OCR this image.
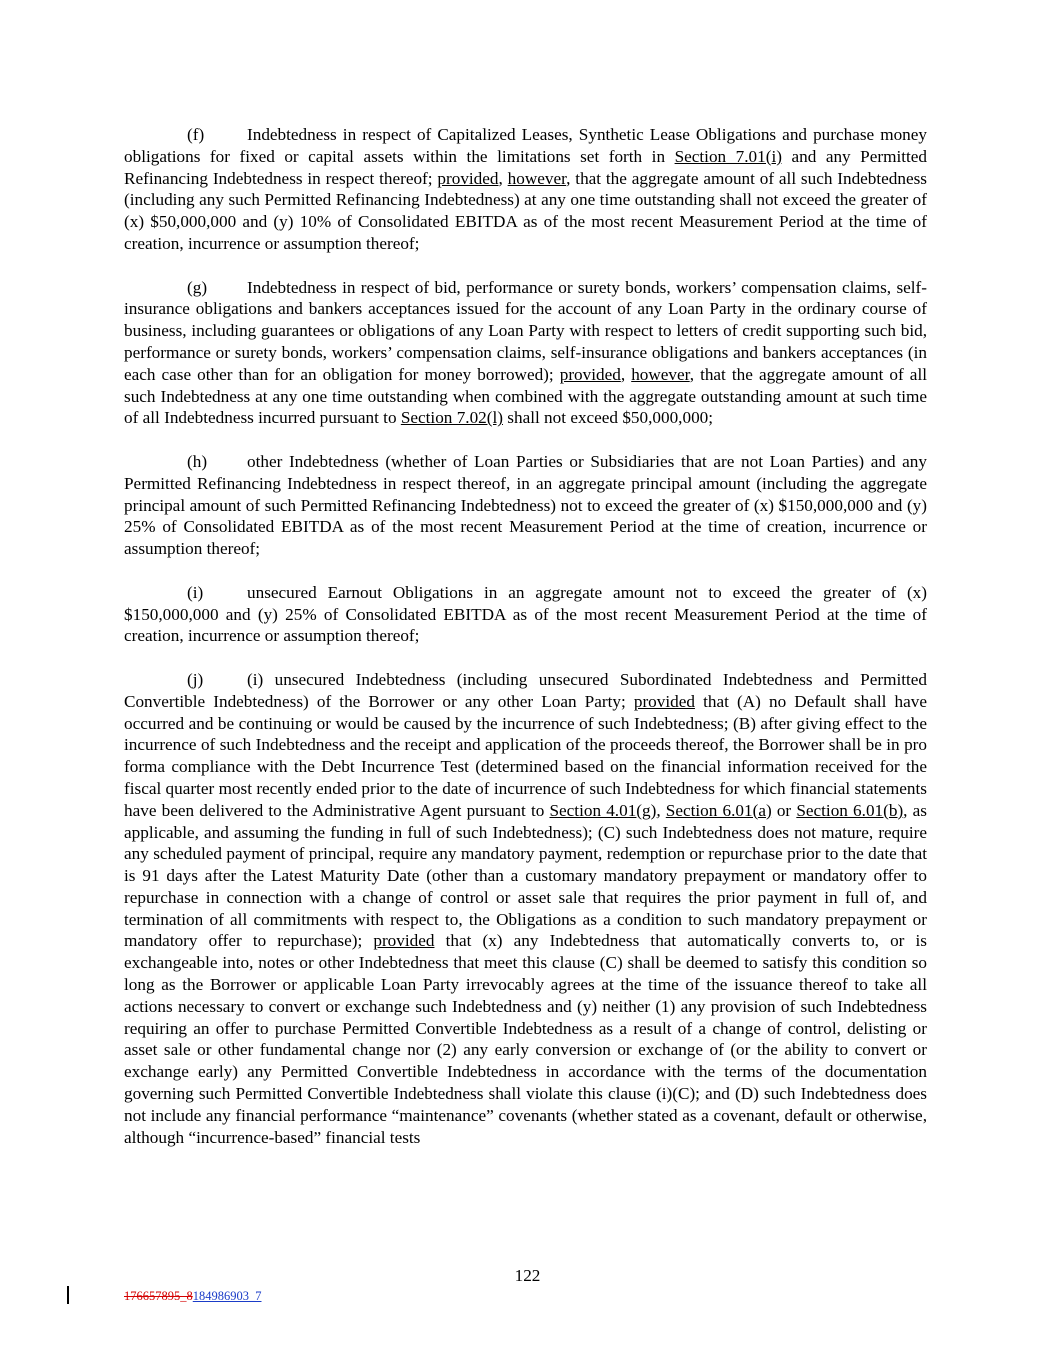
(f) Indebtedness in respect of Capitalized Leases, Synthetic Lease Obligations and purchase money obligations for fixed or capital assets within the limitations set forth in Section 7.01(i) and any Permitted Refinancing Indebtedness in respect thereof; provided, however, that the aggregate amount of all such Indebtedness (including any such Permitted Refinancing Indebtedness) at any one time outstanding shall not exceed the greater of (x) $50,000,000 and (y) 10% of Consolidated EBITDA as of the most recent Measurement Period at the time of creation, incurrence or assumption thereof;

(g) Indebtedness in respect of bid, performance or surety bonds, workers’ compensation claims, self-insurance obligations and bankers acceptances issued for the account of any Loan Party in the ordinary course of business, including guarantees or obligations of any Loan Party with respect to letters of credit supporting such bid, performance or surety bonds, workers’ compensation claims, self-insurance obligations and bankers acceptances (in each case other than for an obligation for money borrowed); provided, however, that the aggregate amount of all such Indebtedness at any one time outstanding when combined with the aggregate outstanding amount at such time of all Indebtedness incurred pursuant to Section 7.02(l) shall not exceed $50,000,000;

(h) other Indebtedness (whether of Loan Parties or Subsidiaries that are not Loan Parties) and any Permitted Refinancing Indebtedness in respect thereof, in an aggregate principal amount (including the aggregate principal amount of such Permitted Refinancing Indebtedness) not to exceed the greater of (x) $150,000,000 and (y) 25% of Consolidated EBITDA as of the most recent Measurement Period at the time of creation, incurrence or assumption thereof;

(i)	unsecured Earnout Obligations in an aggregate amount not to exceed the greater of (x) $150,000,000 and (y) 25% of Consolidated EBITDA as of the most recent Measurement Period at the time of creation, incurrence or assumption thereof;

(j)	(i) unsecured Indebtedness (including unsecured Subordinated Indebtedness and Permitted Convertible Indebtedness) of the Borrower or any other Loan Party; provided that (A) no Default shall have occurred and be continuing or would be caused by the incurrence of such Indebtedness; (B) after giving effect to the incurrence of such Indebtedness and the receipt and application of the proceeds thereof, the Borrower shall be in pro forma compliance with the Debt Incurrence Test (determined based on the financial information received for the fiscal quarter most recently ended prior to the date of incurrence of such Indebtedness for which financial statements have been delivered to the Administrative Agent pursuant to Section 4.01(g), Section 6.01(a) or Section 6.01(b), as applicable, and assuming the funding in full of such Indebtedness); (C) such Indebtedness does not mature, require any scheduled payment of principal, require any mandatory payment, redemption or repurchase prior to the date that is 91 days after the Latest Maturity Date (other than a customary mandatory prepayment or mandatory offer to repurchase in connection with a change of control or asset sale that requires the prior payment in full of, and termination of all commitments with respect to, the Obligations as a condition to such mandatory prepayment or mandatory offer to repurchase); provided that (x) any Indebtedness that automatically converts to, or is exchangeable into, notes or other Indebtedness that meet this clause (C) shall be deemed to satisfy this condition so long as the Borrower or applicable Loan Party irrevocably agrees at the time of the issuance thereof to take all actions necessary to convert or exchange such Indebtedness and (y) neither (1) any provision of such Indebtedness requiring an offer to purchase Permitted Convertible Indebtedness as a result of a change of control, delisting or asset sale or other fundamental change nor (2) any early conversion or exchange of (or the ability to convert or exchange early) any Permitted Convertible Indebtedness in accordance with the terms of the documentation governing such Permitted Convertible Indebtedness shall violate this clause (i)(C); and (D) such Indebtedness does not include any financial performance “maintenance” covenants (whether stated as a covenant, default or otherwise, although “incurrence-based” financial tests

122
176657895_8184986903_7
